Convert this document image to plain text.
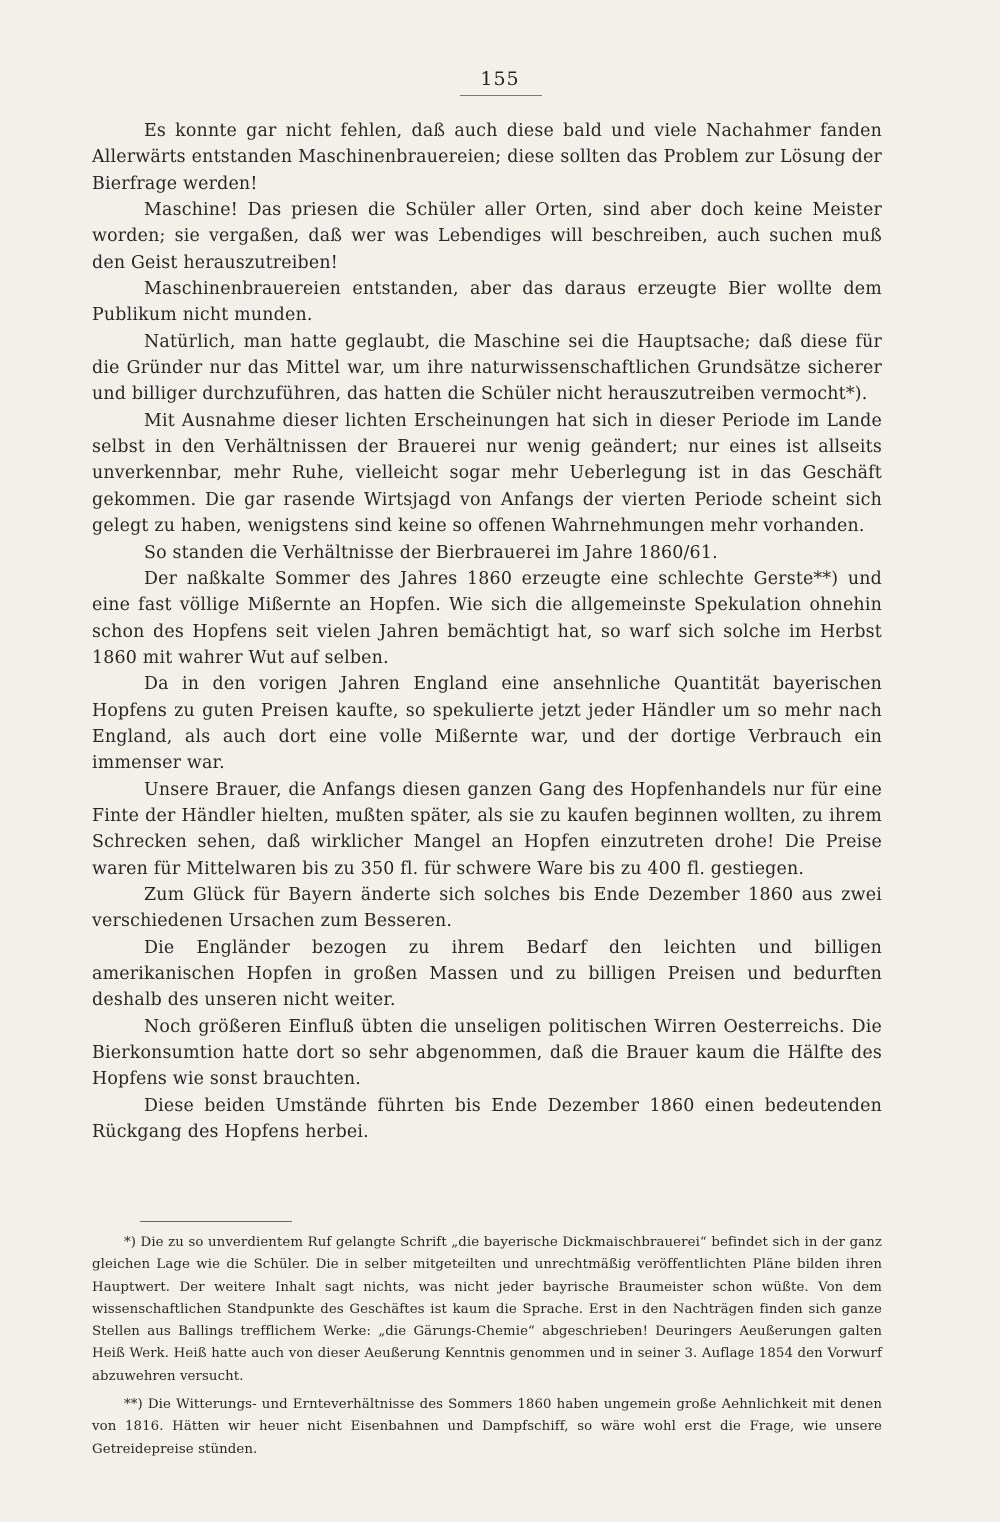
155

Es konnte gar nicht fehlen, daß auch diese bald und viele Nachahmer fanden Allerwärts entstanden Maschinenbrauereien; diese sollten das Problem zur Lösung der Bierfrage werden!

Maschine! Das priesen die Schüler aller Orten, sind aber doch keine Meister worden; sie vergaßen, daß wer was Lebendiges will beschreiben, auch suchen muß den Geist herauszutreiben!

Maschinenbrauereien entstanden, aber das daraus erzeugte Bier wollte dem Publikum nicht munden.

Natürlich, man hatte geglaubt, die Maschine sei die Hauptsache; daß diese für die Gründer nur das Mittel war, um ihre naturwissenschaftlichen Grundsätze sicherer und billiger durchzuführen, das hatten die Schüler nicht herauszutreiben vermocht*).

Mit Ausnahme dieser lichten Erscheinungen hat sich in dieser Periode im Lande selbst in den Verhältnissen der Brauerei nur wenig geändert; nur eines ist allseits unverkennbar, mehr Ruhe, vielleicht sogar mehr Ueberlegung ist in das Geschäft gekommen. Die gar rasende Wirtsjagd von Anfangs der vierten Periode scheint sich gelegt zu haben, wenigstens sind keine so offenen Wahrnehmungen mehr vorhanden.

So standen die Verhältnisse der Bierbrauerei im Jahre 1860/61.

Der naßkalte Sommer des Jahres 1860 erzeugte eine schlechte Gerste**) und eine fast völlige Mißernte an Hopfen. Wie sich die allgemeinste Spekulation ohnehin schon des Hopfens seit vielen Jahren bemächtigt hat, so warf sich solche im Herbst 1860 mit wahrer Wut auf selben.

Da in den vorigen Jahren England eine ansehnliche Quantität bayerischen Hopfens zu guten Preisen kaufte, so spekulierte jetzt jeder Händler um so mehr nach England, als auch dort eine volle Mißernte war, und der dortige Verbrauch ein immenser war.

Unsere Brauer, die Anfangs diesen ganzen Gang des Hopfenhandels nur für eine Finte der Händler hielten, mußten später, als sie zu kaufen beginnen wollten, zu ihrem Schrecken sehen, daß wirklicher Mangel an Hopfen einzutreten drohe! Die Preise waren für Mittelwaren bis zu 350 fl. für schwere Ware bis zu 400 fl. gestiegen.

Zum Glück für Bayern änderte sich solches bis Ende Dezember 1860 aus zwei verschiedenen Ursachen zum Besseren.

Die Engländer bezogen zu ihrem Bedarf den leichten und billigen amerikanischen Hopfen in großen Massen und zu billigen Preisen und bedurften deshalb des unseren nicht weiter.

Noch größeren Einfluß übten die unseligen politischen Wirren Oesterreichs. Die Bierkonsumtion hatte dort so sehr abgenommen, daß die Brauer kaum die Hälfte des Hopfens wie sonst brauchten.

Diese beiden Umstände führten bis Ende Dezember 1860 einen bedeutenden Rückgang des Hopfens herbei.

*) Die zu so unverdientem Ruf gelangte Schrift „die bayerische Dickmaischbrauerei“ befindet sich in der ganz gleichen Lage wie die Schüler. Die in selber mitgeteilten und unrechtmäßig veröffentlichten Pläne bilden ihren Hauptwert. Der weitere Inhalt sagt nichts, was nicht jeder bayrische Braumeister schon wüßte. Von dem wissenschaftlichen Standpunkte des Geschäftes ist kaum die Sprache. Erst in den Nachträgen finden sich ganze Stellen aus Ballings trefflichem Werke: „die Gärungs-Chemie“ abgeschrieben! Deuringers Aeußerungen galten Heiß Werk. Heiß hatte auch von dieser Aeußerung Kenntnis genommen und in seiner 3. Auflage 1854 den Vorwurf abzuwehren versucht.

**) Die Witterungs- und Ernteverhältnisse des Sommers 1860 haben ungemein große Aehnlichkeit mit denen von 1816. Hätten wir heuer nicht Eisenbahnen und Dampfschiff, so wäre wohl erst die Frage, wie unsere Getreidepreise stünden.
